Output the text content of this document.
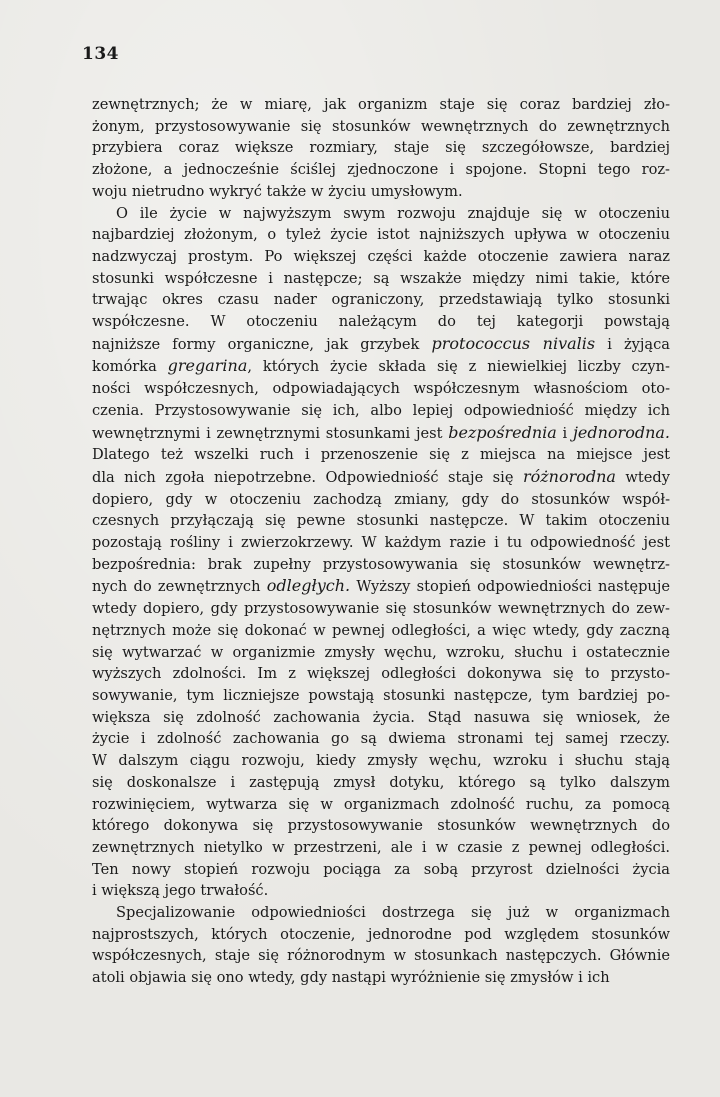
134
zewnętrznych; że w miarę, jak organizm staje się coraz bardziej zło-
żonym, przystosowywanie się stosunków wewnętrznych do zewnętrznych
przybiera coraz większe rozmiary, staje się szczegółowsze, bardziej
złożone, a jednocześnie ściślej zjednoczone i spojone. Stopni tego roz-
woju nietrudno wykryć także w życiu umysłowym.
O ile życie w najwyższym swym rozwoju znajduje się w otoczeniu
najbardziej złożonym, o tyleż życie istot najniższych upływa w otoczeniu
nadzwyczaj prostym. Po większej części każde otoczenie zawiera naraz
stosunki współczesne i następcze; są wszakże między nimi takie, które
trwając okres czasu nader ograniczony, przedstawiają tylko stosunki
współczesne. W otoczeniu należącym do tej kategorji powstają
najniższe formy organiczne, jak grzybek protococcus nivalis i żyjąca
komórka gregarina, których życie składa się z niewielkiej liczby czyn-
ności współczesnych, odpowiadających współczesnym własnościom oto-
czenia. Przystosowywanie się ich, albo lepiej odpowiedniość między ich
wewnętrznymi i zewnętrznymi stosunkami jest bezpośrednia i jednorodna.
Dlatego też wszelki ruch i przenoszenie się z miejsca na miejsce jest
dla nich zgoła niepotrzebne. Odpowiedniość staje się różnorodna wtedy
dopiero, gdy w otoczeniu zachodzą zmiany, gdy do stosunków współ-
czesnych przyłączają się pewne stosunki następcze. W takim otoczeniu
pozostają rośliny i zwierzokrzewy. W każdym razie i tu odpowiedność jest
bezpośrednia: brak zupełny przystosowywania się stosunków wewnętrz-
nych do zewnętrznych odległych. Wyższy stopień odpowiedniości następuje
wtedy dopiero, gdy przystosowywanie się stosunków wewnętrznych do zew-
nętrznych może się dokonać w pewnej odległości, a więc wtedy, gdy zaczną
się wytwarzać w organizmie zmysły węchu, wzroku, słuchu i ostatecznie
wyższych zdolności. Im z większej odległości dokonywa się to przysto-
sowywanie, tym liczniejsze powstają stosunki następcze, tym bardziej po-
większa się zdolność zachowania życia. Stąd nasuwa się wniosek, że
życie i zdolność zachowania go są dwiema stronami tej samej rzeczy.
W dalszym ciągu rozwoju, kiedy zmysły węchu, wzroku i słuchu stają
się doskonalsze i zastępują zmysł dotyku, którego są tylko dalszym
rozwinięciem, wytwarza się w organizmach zdolność ruchu, za pomocą
którego dokonywa się przystosowywanie stosunków wewnętrznych do
zewnętrznych nietylko w przestrzeni, ale i w czasie z pewnej odległości.
Ten nowy stopień rozwoju pociąga za sobą przyrost dzielności życia
i większą jego trwałość.
Specjalizowanie odpowiedniości dostrzega się już w organizmach
najprostszych, których otoczenie, jednorodne pod względem stosunków
współczesnych, staje się różnorodnym w stosunkach następczych. Głównie
atoli objawia się ono wtedy, gdy nastąpi wyróżnienie się zmysłów i ich
